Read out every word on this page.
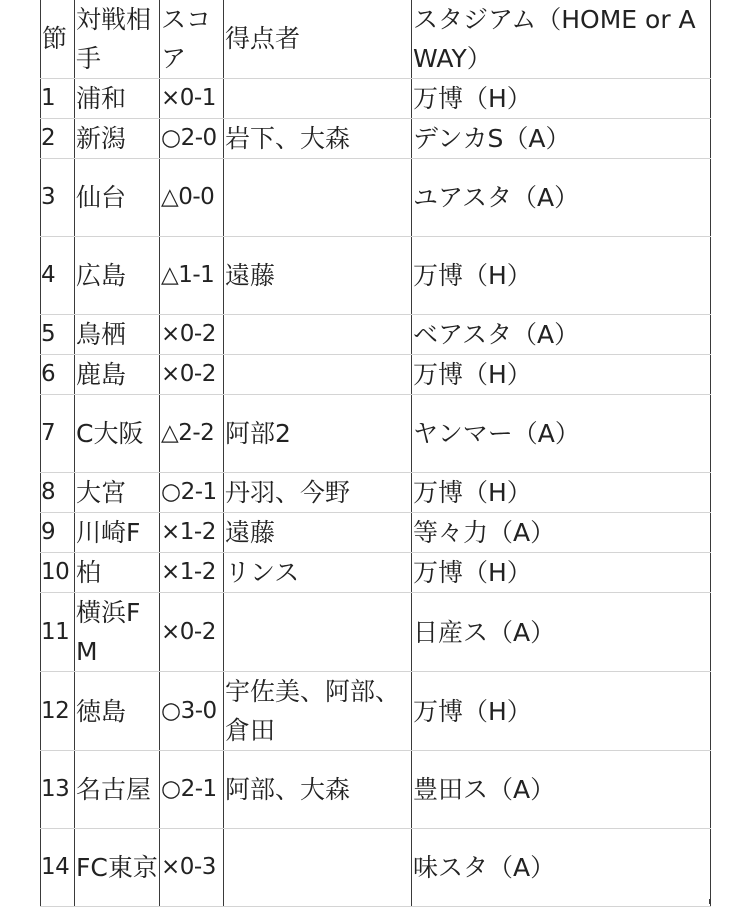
節	対戦相手	スコア	得点者	スタジアム（HOME or AWAY）
1	浦和	×0-1		万博（H）
2	新潟	○2-0	岩下、大森	デンカS（A）
3	仙台	△0-0		ユアスタ（A）
4	広島	△1-1	遠藤	万博（H）
5	鳥栖	×0-2		ベアスタ（A）
6	鹿島	×0-2		万博（H）
7	C大阪	△2-2	阿部2	ヤンマー（A）
8	大宮	○2-1	丹羽、今野	万博（H）
9	川崎F	×1-2	遠藤	等々力（A）
10	柏	×1-2	リンス	万博（H）
11	横浜FM	×0-2		日産ス（A）
12	徳島	○3-0	宇佐美、阿部、倉田	万博（H）
13	名古屋	○2-1	阿部、大森	豊田ス（A）
14	FC東京	×0-3		味スタ（A）
